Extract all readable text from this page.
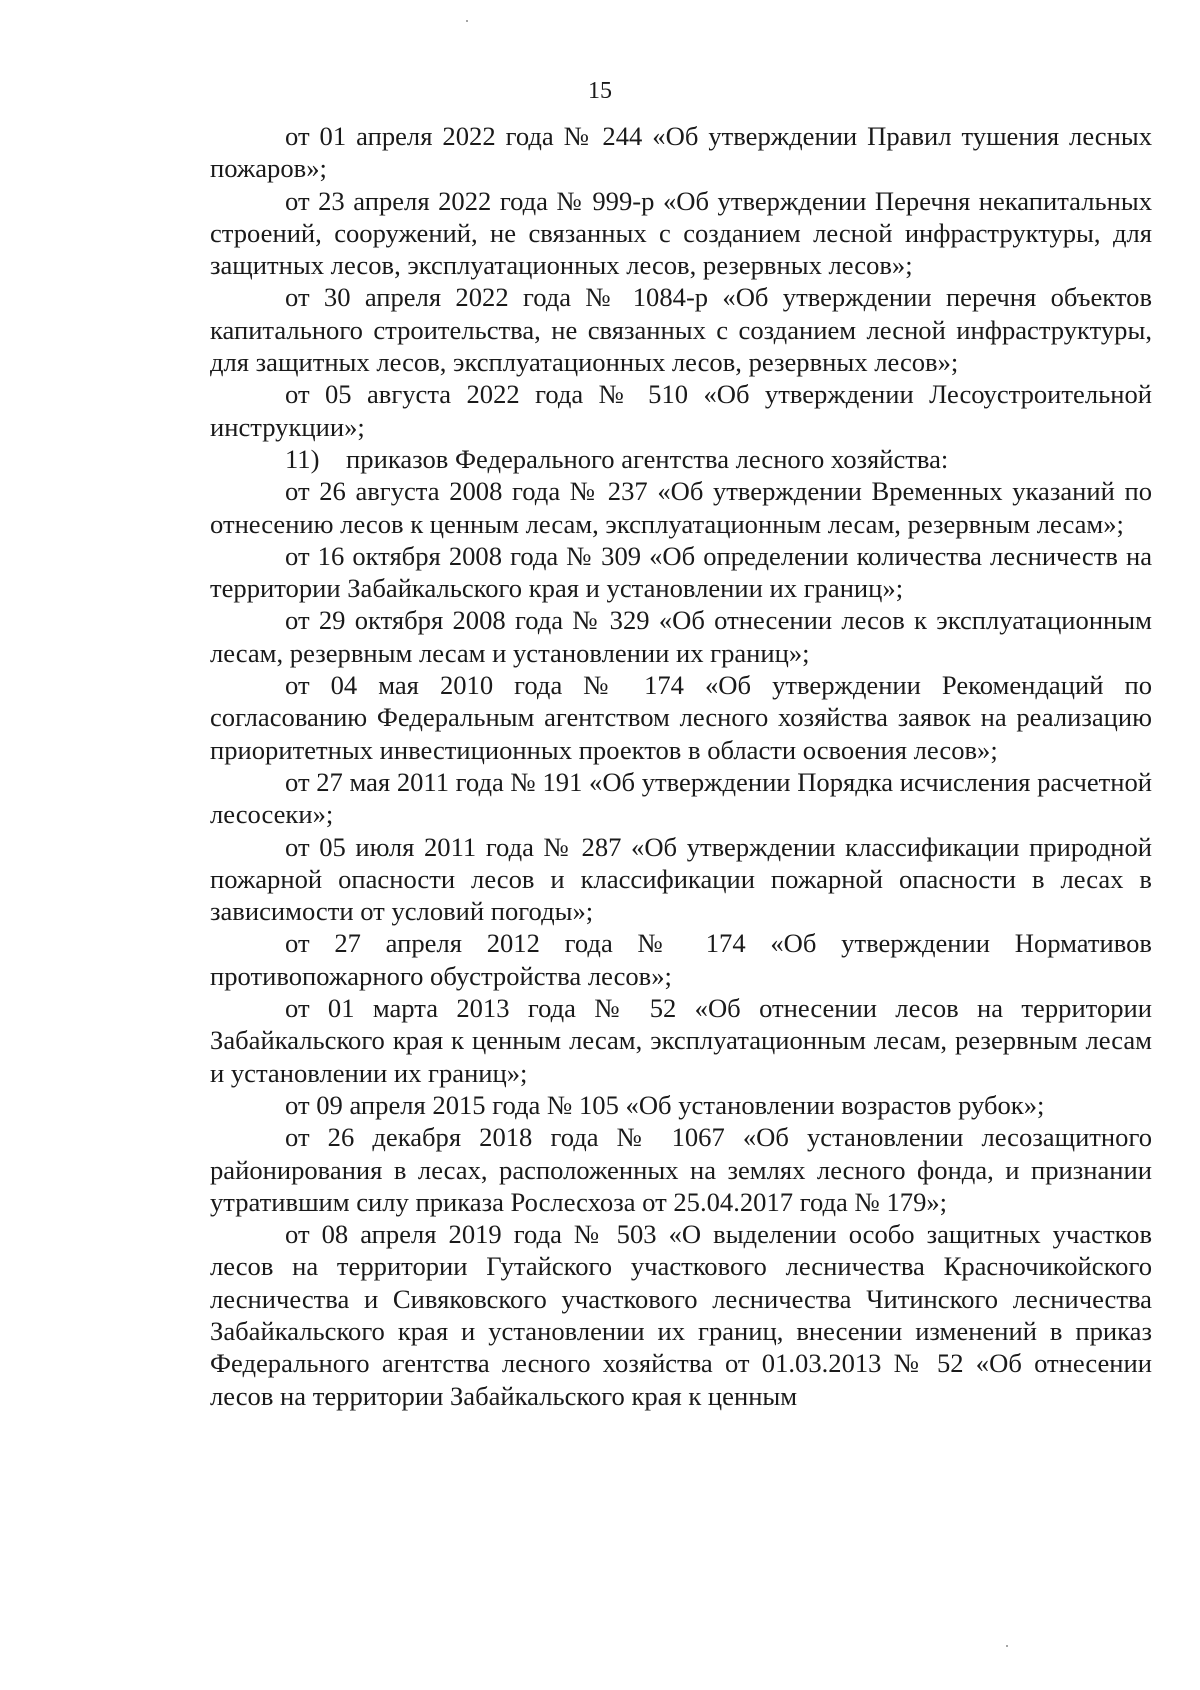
15

от 01 апреля 2022 года № 244 «Об утверждении Правил тушения лесных пожаров»;

от 23 апреля 2022 года № 999-р «Об утверждении Перечня некапитальных строений, сооружений, не связанных с созданием лесной инфраструктуры, для защитных лесов, эксплуатационных лесов, резервных лесов»;

от 30 апреля 2022 года № 1084-р «Об утверждении перечня объектов капитального строительства, не связанных с созданием лесной инфраструктуры, для защитных лесов, эксплуатационных лесов, резервных лесов»;

от 05 августа 2022 года № 510 «Об утверждении Лесоустроительной инструкции»;

11) приказов Федерального агентства лесного хозяйства:

от 26 августа 2008 года № 237 «Об утверждении Временных указаний по отнесению лесов к ценным лесам, эксплуатационным лесам, резервным лесам»;

от 16 октября 2008 года № 309 «Об определении количества лесничеств на территории Забайкальского края и установлении их границ»;

от 29 октября 2008 года № 329 «Об отнесении лесов к эксплуатационным лесам, резервным лесам и установлении их границ»;

от 04 мая 2010 года № 174 «Об утверждении Рекомендаций по согласованию Федеральным агентством лесного хозяйства заявок на реализацию приоритетных инвестиционных проектов в области освоения лесов»;

от 27 мая 2011 года № 191 «Об утверждении Порядка исчисления расчетной лесосеки»;

от 05 июля 2011 года № 287 «Об утверждении классификации природной пожарной опасности лесов и классификации пожарной опасности в лесах в зависимости от условий погоды»;

от 27 апреля 2012 года № 174 «Об утверждении Нормативов противопожарного обустройства лесов»;

от 01 марта 2013 года № 52 «Об отнесении лесов на территории Забайкальского края к ценным лесам, эксплуатационным лесам, резервным лесам и установлении их границ»;

от 09 апреля 2015 года № 105 «Об установлении возрастов рубок»;

от 26 декабря 2018 года № 1067 «Об установлении лесозащитного районирования в лесах, расположенных на землях лесного фонда, и признании утратившим силу приказа Рослесхоза от 25.04.2017 года № 179»;

от 08 апреля 2019 года № 503 «О выделении особо защитных участков лесов на территории Гутайского участкового лесничества Красночикойского лесничества и Сивяковского участкового лесничества Читинского лесничества Забайкальского края и установлении их границ, внесении изменений в приказ Федерального агентства лесного хозяйства от 01.03.2013 № 52 «Об отнесении лесов на территории Забайкальского края к ценным
